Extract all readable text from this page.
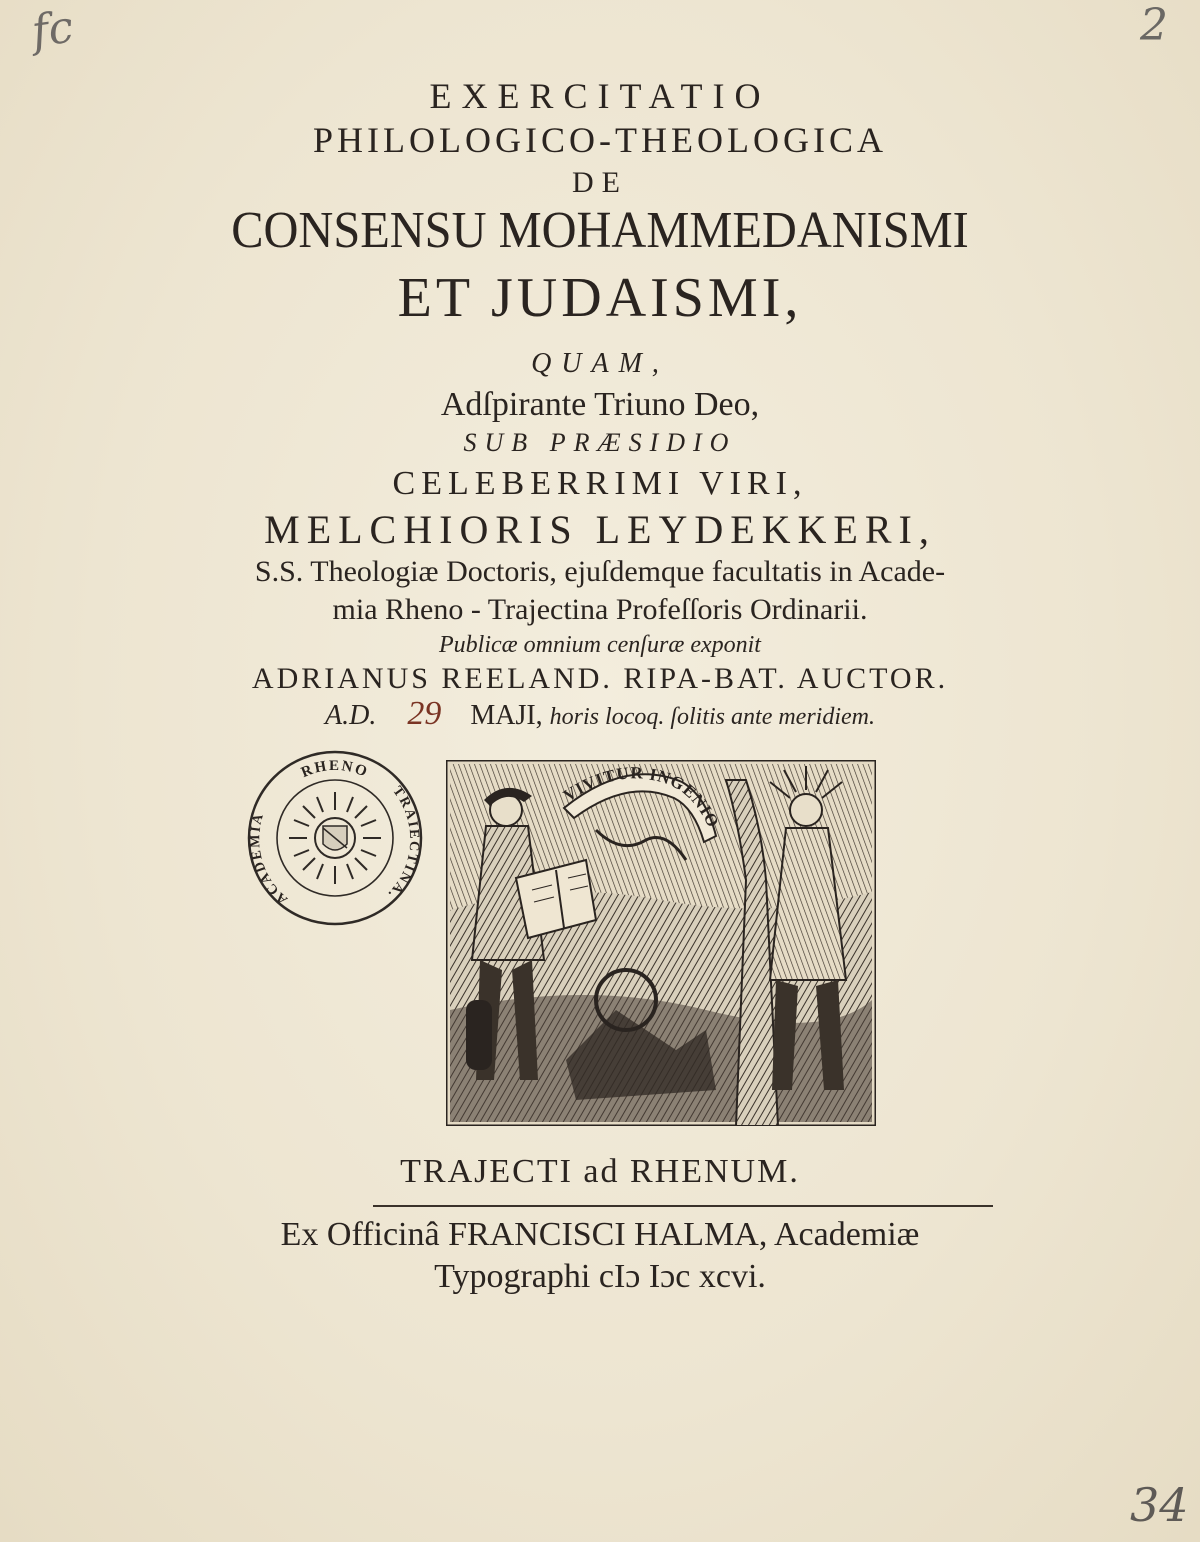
fc	2
34
EXERCITATIO
PHILOLOGICO-THEOLOGICA
DE
CONSENSU MOHAMMEDANISMI
ET JUDAISMI,
QUAM,
Adſpirante Triuno Deo,
SUB PRÆSIDIO
CELEBERRIMI VIRI,
MELCHIORIS LEYDEKKERI,
S.S. Theologiæ Doctoris, ejuſdemque facultatis in Acade-
mia Rheno - Trajectina Profeſſoris Ordinarii.
Publicæ omnium cenſuræ exponit
ADRIANUS REELAND. RIPA-BAT. AUCTOR.
A.D. 29 MAJI, horis locoq. ſolitis ante meridiem.
RHENO
ACADEMIA
TRAIECTINA.
VIVITUR INGENIO
TRAJECTI ad RHENUM.
Ex Officinâ FRANCISCI HALMA, Academiæ
Typographi cIɔ Iɔc xcvi.
